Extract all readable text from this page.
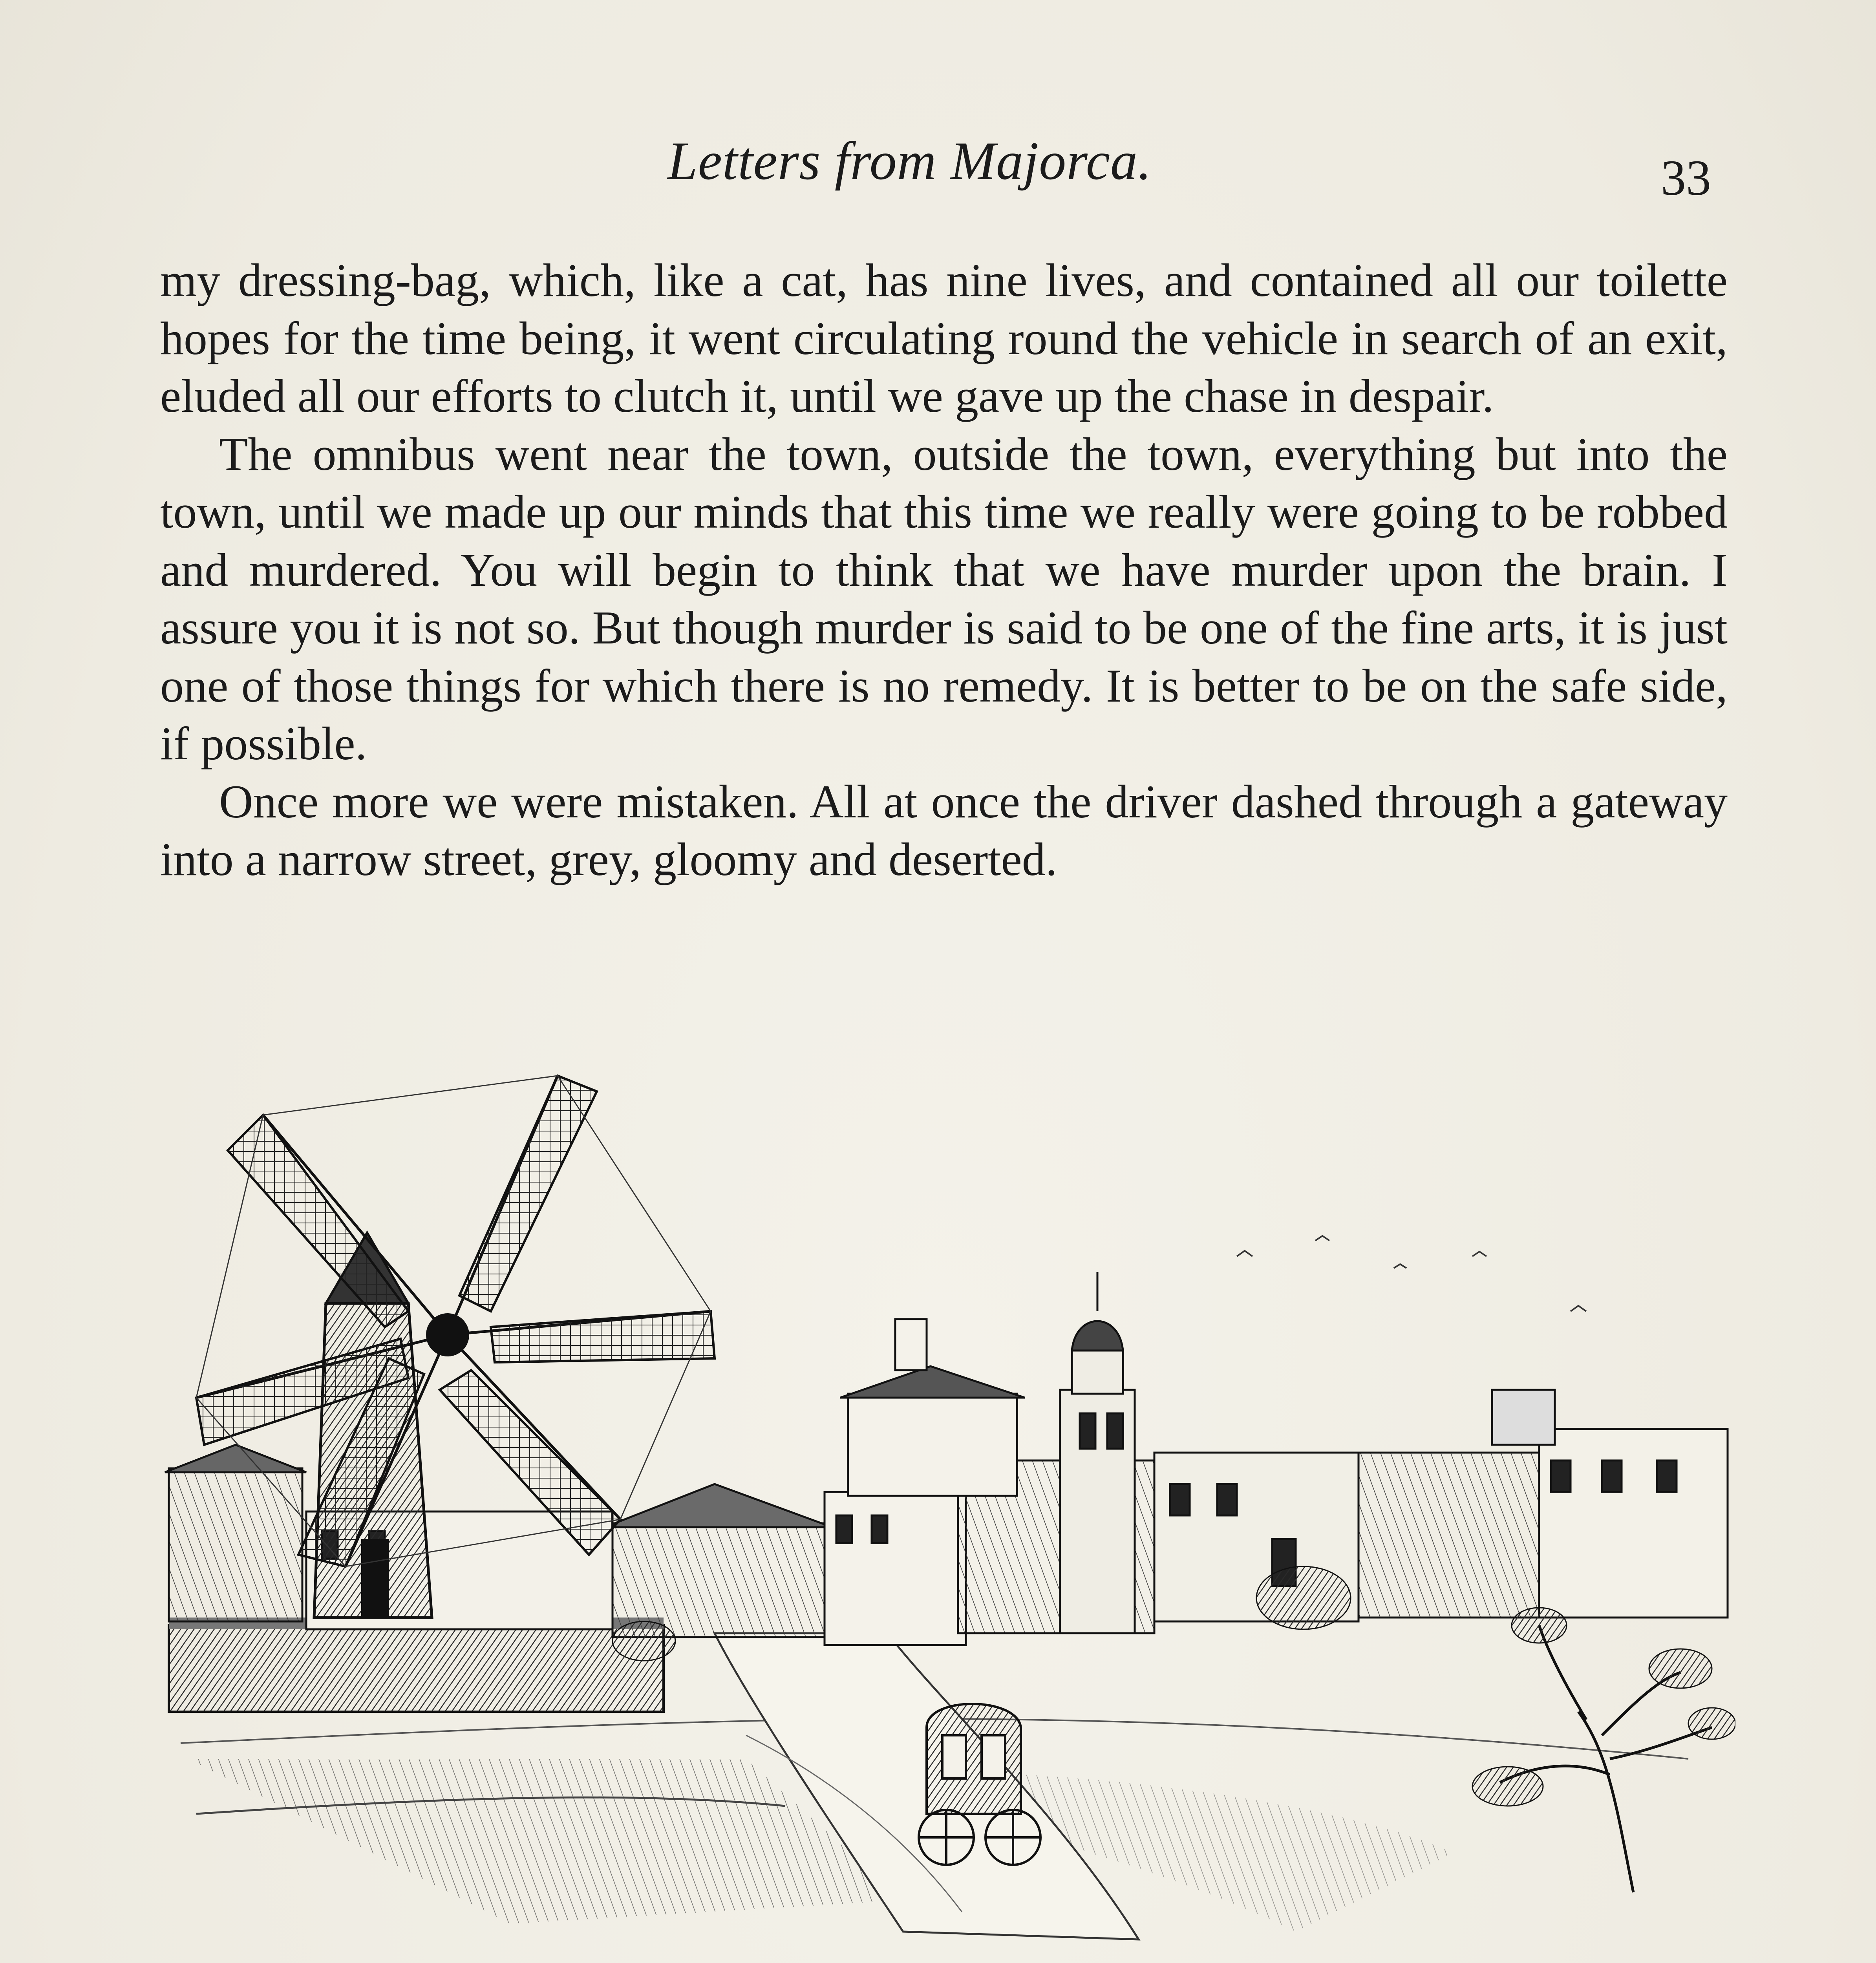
Letters from Majorca.	33

my dressing-bag, which, like a cat, has nine lives, and contained all our toilette hopes for the time being, it went circulating round the vehicle in search of an exit, eluded all our efforts to clutch it, until we gave up the chase in despair.

The omnibus went near the town, outside the town, everything but into the town, until we made up our minds that this time we really were going to be robbed and murdered. You will begin to think that we have murder upon the brain. I assure you it is not so. But though murder is said to be one of the fine arts, it is just one of those things for which there is no remedy. It is better to be on the safe side, if possible.

Once more we were mistaken. All at once the driver dashed through a gateway into a narrow street, grey, gloomy and deserted.
